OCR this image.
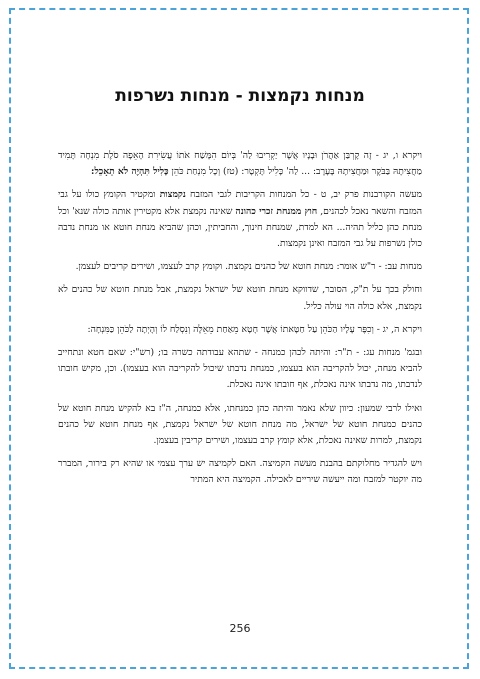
מנחות נקמצות - מנחות נשרפות

ויקרא ו, יג - זֶה קָרְבַּן אַהֲרֹן וּבָנָיו אֲשֶׁר יַקְרִיבוּ לַה' בְּיוֹם הִמָּשַׁח אֹתוֹ עֲשִׂירִת הָאֵפָה סֹלֶת מִנְחָה תָּמִיד מַחֲצִיתָהּ בַּבֹּקֶר וּמַחֲצִיתָהּ בָּעָרֶב: ... לַה' כָּלִיל תָּקְטָר: (טז) וְכָל מִנְחַת כֹּהֵן כָּלִיל תִּהְיֶה לֹא תֵאָכֵל:

מעשה הקורבנות פרק יב, ט - כל המנחות הקריבות לגבי המזבח נקמצות ומקטיר הקומץ כולו על גבי המזבח והשאר נאכל לכהנים, חוץ ממנחת זכרי כהונה שאינה נקמצת אלא מקטירין אותה כולה שנא' וכל מנחת כהן כליל תהיה... הא למדת, שמנחת חינוך, והחביתין, וכהן שהביא מנחת חוטא או מנחת נדבה כולן נשרפות על גבי המזבח ואינן נקמצות.

מנחות עב: - ר"ש אומר: מנחת חוטא של כהנים נקמצת. וקומץ קרב לעצמו, ושירים קריבים לעצמן.

וחולק בכך על ת"ק, הסובר, שדווקא מנחת חוטא של ישראל נקמצת, אבל מנחת חוטא של כהנים לא נקמצת, אלא כולה הוי עולה כליל.

ויקרא ה, יג - וְכִפֶּר עָלָיו הַכֹּהֵן עַל חַטָּאתוֹ אֲשֶׁר חָטָא מֵאַחַת מֵאֵלֶּה וְנִסְלַח לוֹ וְהָיְתָה לַכֹּהֵן כַּמִּנְחָה:

ובגמ' מנחות עג: - ת"ר: והיתה לכהן כמנחה - שתהא עבודתה כשרה בו; (רש"י: שאם חטא ונתחייב להביא מנחה, יכול להקריבה הוא בעצמו, כמנחת נדבתו שיכול להקריבה הוא בעצמו). וכן, מקיש חובתו לנדבתו, מה נדבתו אינה נאכלת, אף חובתו אינה נאכלת.

ואילו לרבי שמעון: כיוון שלא נאמר והיתה כהן כמנחתו, אלא כמנחה, ה"ז בא להקיש מנחת חוטא של כהנים כמנחת חוטא של ישראל, מה מנחת חוטא של ישראל נקמצת, אף מנחת חוטא של כהנים נקמצת, למרות שאינה נאכלת, אלא קומץ קרב בעצמו, ושירים קריבין בעצמן.

ויש להגדיר מחלוקתם בהבנת מעשה הקמיצה. האם לקמיצה יש ערך עצמי או שהיא רק בירור, המברר מה יוקטר למזבח ומה ייעשה שיריים לאכילה. הקמיצה היא המתיר

256
